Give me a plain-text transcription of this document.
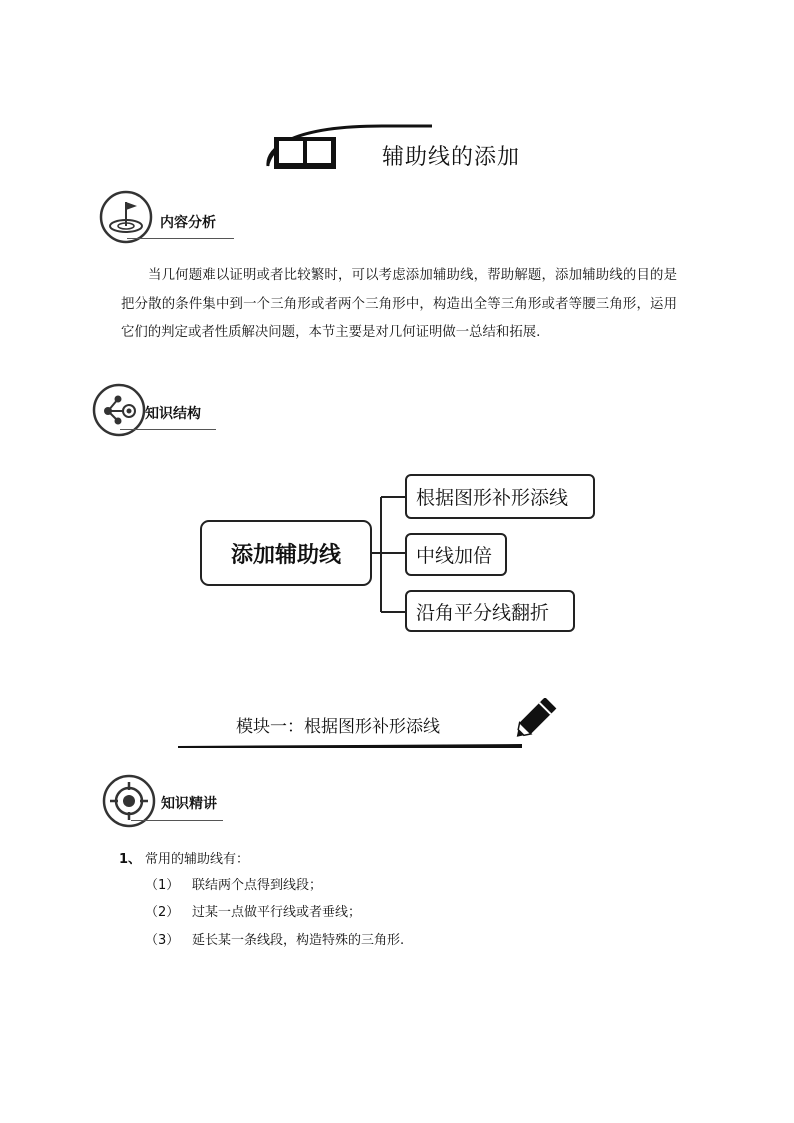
辅助线的添加
内容分析
当几何题难以证明或者比较繁时，可以考虑添加辅助线，帮助解题，添加辅助线的目的是把分散的条件集中到一个三角形或者两个三角形中，构造出全等三角形或者等腰三角形，运用它们的判定或者性质解决问题，本节主要是对几何证明做一总结和拓展.
知识结构
添加辅助线
根据图形补形添线
中线加倍
沿角平分线翻折
模块一：根据图形补形添线
知识精讲
1、 常用的辅助线有：
（1） 联结两个点得到线段；
（2） 过某一点做平行线或者垂线；
（3） 延长某一条线段，构造特殊的三角形.
